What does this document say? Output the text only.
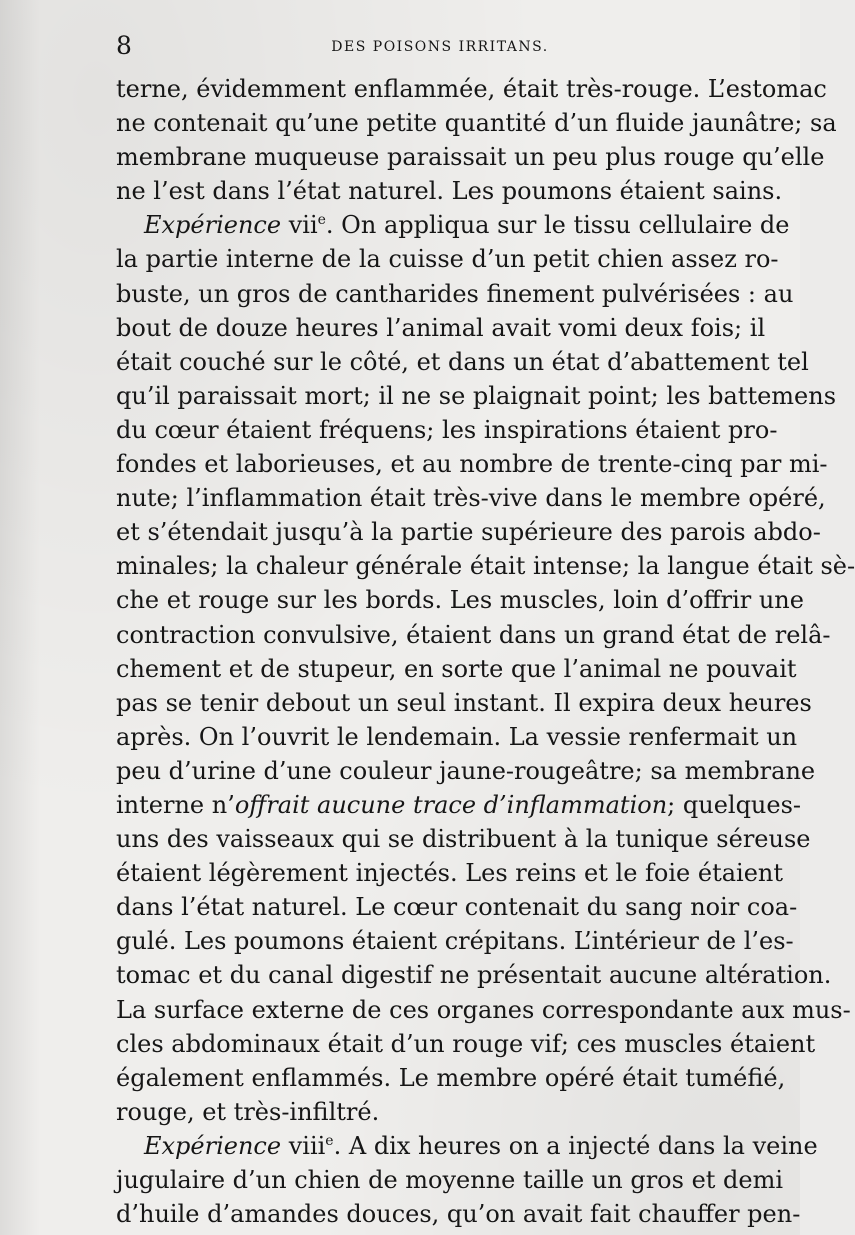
8	DES POISONS IRRITANS.
terne, évidemment enflammée, était très-rouge. L’estomac
ne contenait qu’une petite quantité d’un fluide jaunâtre; sa
membrane muqueuse paraissait un peu plus rouge qu’elle
ne l’est dans l’état naturel. Les poumons étaient sains.
Expérience vii$^e$. On appliqua sur le tissu cellulaire de
la partie interne de la cuisse d’un petit chien assez ro-
buste, un gros de cantharides finement pulvérisées : au
bout de douze heures l’animal avait vomi deux fois; il
était couché sur le côté, et dans un état d’abattement tel
qu’il paraissait mort; il ne se plaignait point; les battemens
du cœur étaient fréquens; les inspirations étaient pro-
fondes et laborieuses, et au nombre de trente-cinq par mi-
nute; l’inflammation était très-vive dans le membre opéré,
et s’étendait jusqu’à la partie supérieure des parois abdo-
minales; la chaleur générale était intense; la langue était sè-
che et rouge sur les bords. Les muscles, loin d’offrir une
contraction convulsive, étaient dans un grand état de relâ-
chement et de stupeur, en sorte que l’animal ne pouvait
pas se tenir debout un seul instant. Il expira deux heures
après. On l’ouvrit le lendemain. La vessie renfermait un
peu d’urine d’une couleur jaune-rougeâtre; sa membrane
interne n’offrait aucune trace d’inflammation; quelques-
uns des vaisseaux qui se distribuent à la tunique séreuse
étaient légèrement injectés. Les reins et le foie étaient
dans l’état naturel. Le cœur contenait du sang noir coa-
gulé. Les poumons étaient crépitans. L’intérieur de l’es-
tomac et du canal digestif ne présentait aucune altération.
La surface externe de ces organes correspondante aux mus-
cles abdominaux était d’un rouge vif; ces muscles étaient
également enflammés. Le membre opéré était tuméfié,
rouge, et très-infiltré.
Expérience viii$^e$. A dix heures on a injecté dans la veine
jugulaire d’un chien de moyenne taille un gros et demi
d’huile d’amandes douces, qu’on avait fait chauffer pen-
